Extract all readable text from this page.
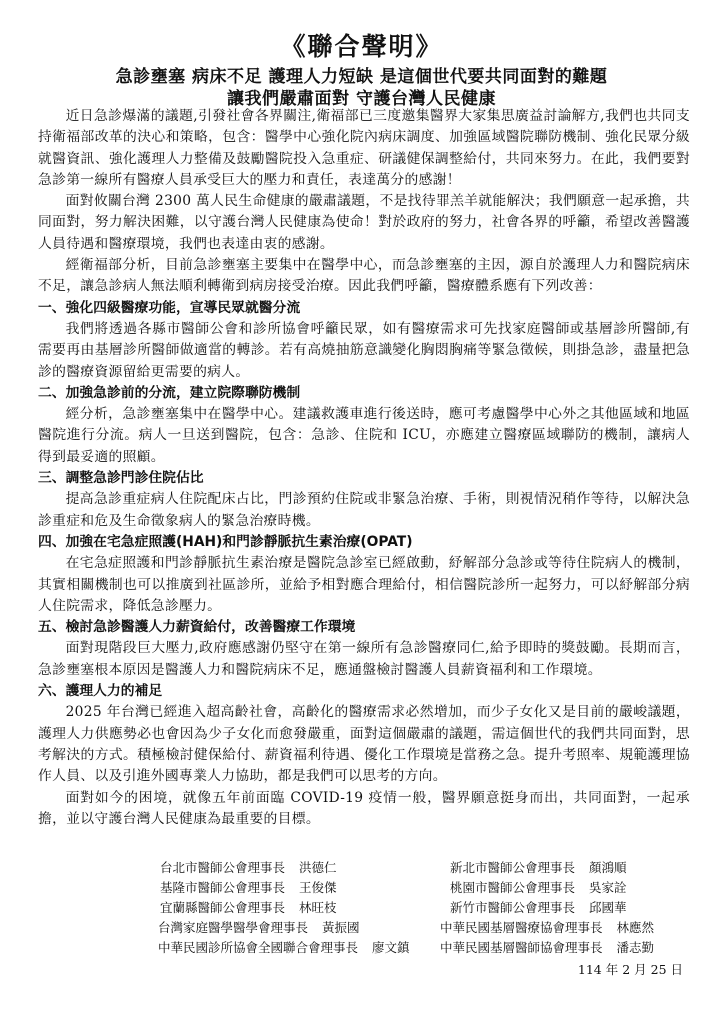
《聯合聲明》
急診壅塞 病床不足 護理人力短缺 是這個世代要共同面對的難題
讓我們嚴肅面對 守護台灣人民健康

近日急診爆滿的議題,引發社會各界關注,衛福部已三度邀集醫界大家集思廣益討論解方,我們也共同支持衛福部改革的決心和策略，包含：醫學中心強化院內病床調度、加強區域醫院聯防機制、強化民眾分級就醫資訊、強化護理人力整備及鼓勵醫院投入急重症、研議健保調整給付，共同來努力。在此，我們要對急診第一線所有醫療人員承受巨大的壓力和責任，表達萬分的感謝！

面對攸關台灣 2300 萬人民生命健康的嚴肅議題，不是找待罪羔羊就能解決；我們願意一起承擔，共同面對，努力解決困難，以守護台灣人民健康為使命！對於政府的努力，社會各界的呼籲，希望改善醫護人員待遇和醫療環境，我們也表達由衷的感謝。

經衛福部分析，目前急診壅塞主要集中在醫學中心，而急診壅塞的主因，源自於護理人力和醫院病床不足，讓急診病人無法順利轉衛到病房接受治療。因此我們呼籲，醫療體系應有下列改善：

一、強化四級醫療功能，宣導民眾就醫分流

我們將透過各縣市醫師公會和診所協會呼籲民眾，如有醫療需求可先找家庭醫師或基層診所醫師,有需要再由基層診所醫師做適當的轉診。若有高燒抽筋意識變化胸悶胸痛等緊急徵候，則掛急診，盡量把急診的醫療資源留給更需要的病人。

二、加強急診前的分流，建立院際聯防機制

經分析，急診壅塞集中在醫學中心。建議救護車進行後送時，應可考慮醫學中心外之其他區域和地區醫院進行分流。病人一旦送到醫院，包含：急診、住院和 ICU，亦應建立醫療區域聯防的機制，讓病人得到最妥適的照顧。

三、調整急診門診住院佔比

提高急診重症病人住院配床占比，門診預約住院或非緊急治療、手術，則視情況稍作等待，以解決急診重症和危及生命徵象病人的緊急治療時機。

四、加強在宅急症照護(HAH)和門診靜脈抗生素治療(OPAT)

在宅急症照護和門診靜脈抗生素治療是醫院急診室已經啟動，紓解部分急診或等待住院病人的機制，其實相關機制也可以推廣到社區診所，並給予相對應合理給付，相信醫院診所一起努力，可以紓解部分病人住院需求，降低急診壓力。

五、檢討急診醫護人力薪資給付，改善醫療工作環境

面對現階段巨大壓力,政府應感謝仍堅守在第一線所有急診醫療同仁,給予即時的獎鼓勵。長期而言，急診壅塞根本原因是醫護人力和醫院病床不足，應通盤檢討醫護人員薪資福利和工作環境。

六、護理人力的補足

2025 年台灣已經進入超高齡社會，高齡化的醫療需求必然增加，而少子女化又是目前的嚴峻議題，護理人力供應勢必也會因為少子女化而愈發嚴重，面對這個嚴肅的議題，需這個世代的我們共同面對，思考解決的方式。積極檢討健保給付、薪資福利待遇、優化工作環境是當務之急。提升考照率、規範護理協作人員、以及引進外國專業人力協助，都是我們可以思考的方向。

面對如今的困境，就像五年前面臨 COVID-19 疫情一般，醫界願意挺身而出，共同面對，一起承擔，並以守護台灣人民健康為最重要的目標。

台北市醫師公會理事長 洪德仁	新北市醫師公會理事長 顏鴻順
基隆市醫師公會理事長 王俊傑	桃園市醫師公會理事長 吳家詮
宜蘭縣醫師公會理事長 林旺枝	新竹市醫師公會理事長 邱國華
台灣家庭醫學醫學會理事長 黃振國	中華民國基層醫療協會理事長 林應然
中華民國診所協會全國聯合會理事長 廖文鎮 中華民國基層醫師協會理事長 潘志勤
114 年 2 月 25 日
